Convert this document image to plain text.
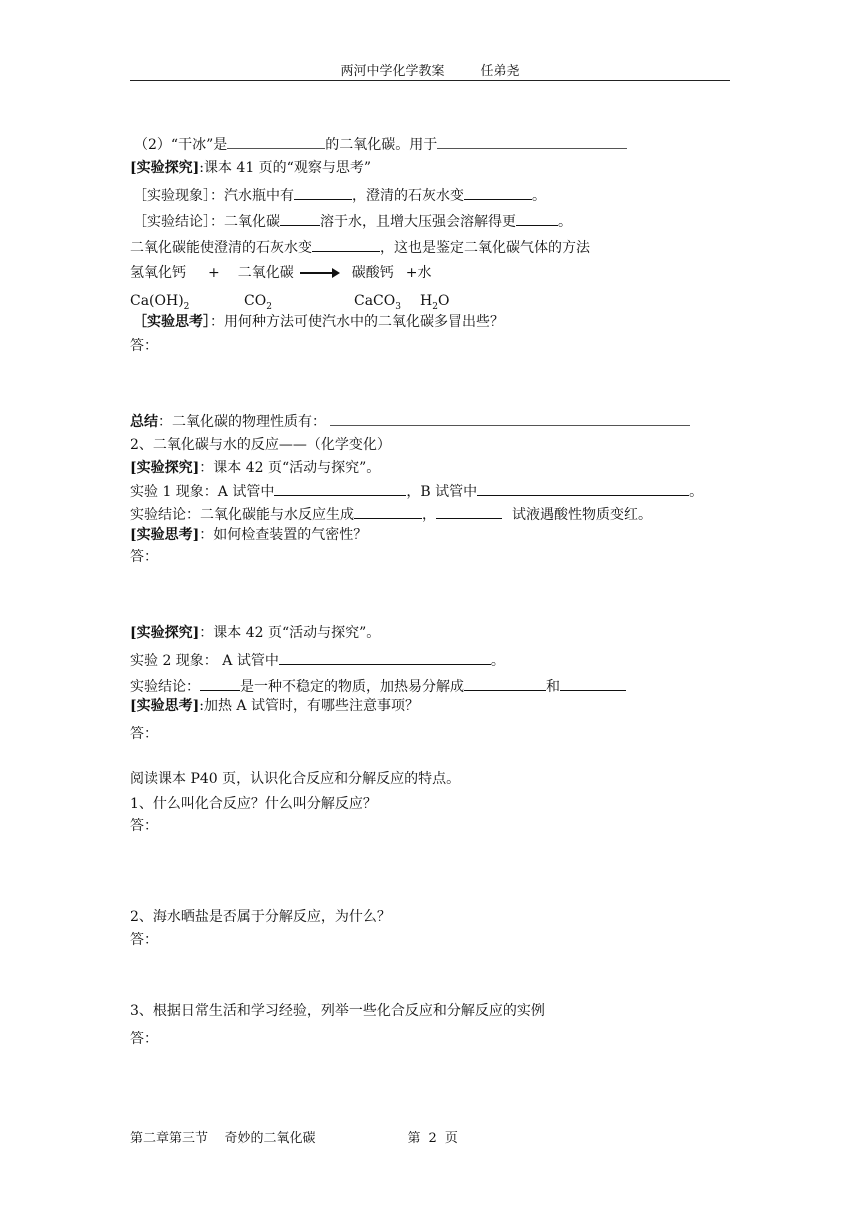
两河中学化学教案	任弟尧
（2）“干冰”是	的二氧化碳。用于
[实验探究]:课本 41 页的“观察与思考”
［实验现象］：汽水瓶中有	，澄清的石灰水变	。
［实验结论］：二氧化碳	溶于水，且增大压强会溶解得更	。
二氧化碳能使澄清的石灰水变	，这也是鉴定二氧化碳气体的方法
氢氧化钙 + 二氧化碳	碳酸钙 +水
$Ca(OH)_2$	$CO_2$	CaCO$_3$ $H_2O$
［实验思考］：用何种方法可使汽水中的二氧化碳多冒出些？
答：
总结：二氧化碳的物理性质有：
2、二氧化碳与水的反应——（化学变化）
[实验探究]：课本 42 页“活动与探究”。
实验 1 现象：A 试管中	，B 试管中	。
实验结论：二氧化碳能与水反应生成	，	试液遇酸性物质变红。
[实验思考]：如何检查装置的气密性？
答：
[实验探究]：课本 42 页“活动与探究”。
实验 2 现象： A 试管中	。
实验结论：	是一种不稳定的物质，加热易分解成	和
[实验思考]:加热 A 试管时，有哪些注意事项？
答：
阅读课本 P40 页，认识化合反应和分解反应的特点。
1、什么叫化合反应？什么叫分解反应？
答：
2、海水晒盐是否属于分解反应，为什么？
答：
3、根据日常生活和学习经验，列举一些化合反应和分解反应的实例
答：
第二章第三节    奇妙的二氧化碳	第 2 页
